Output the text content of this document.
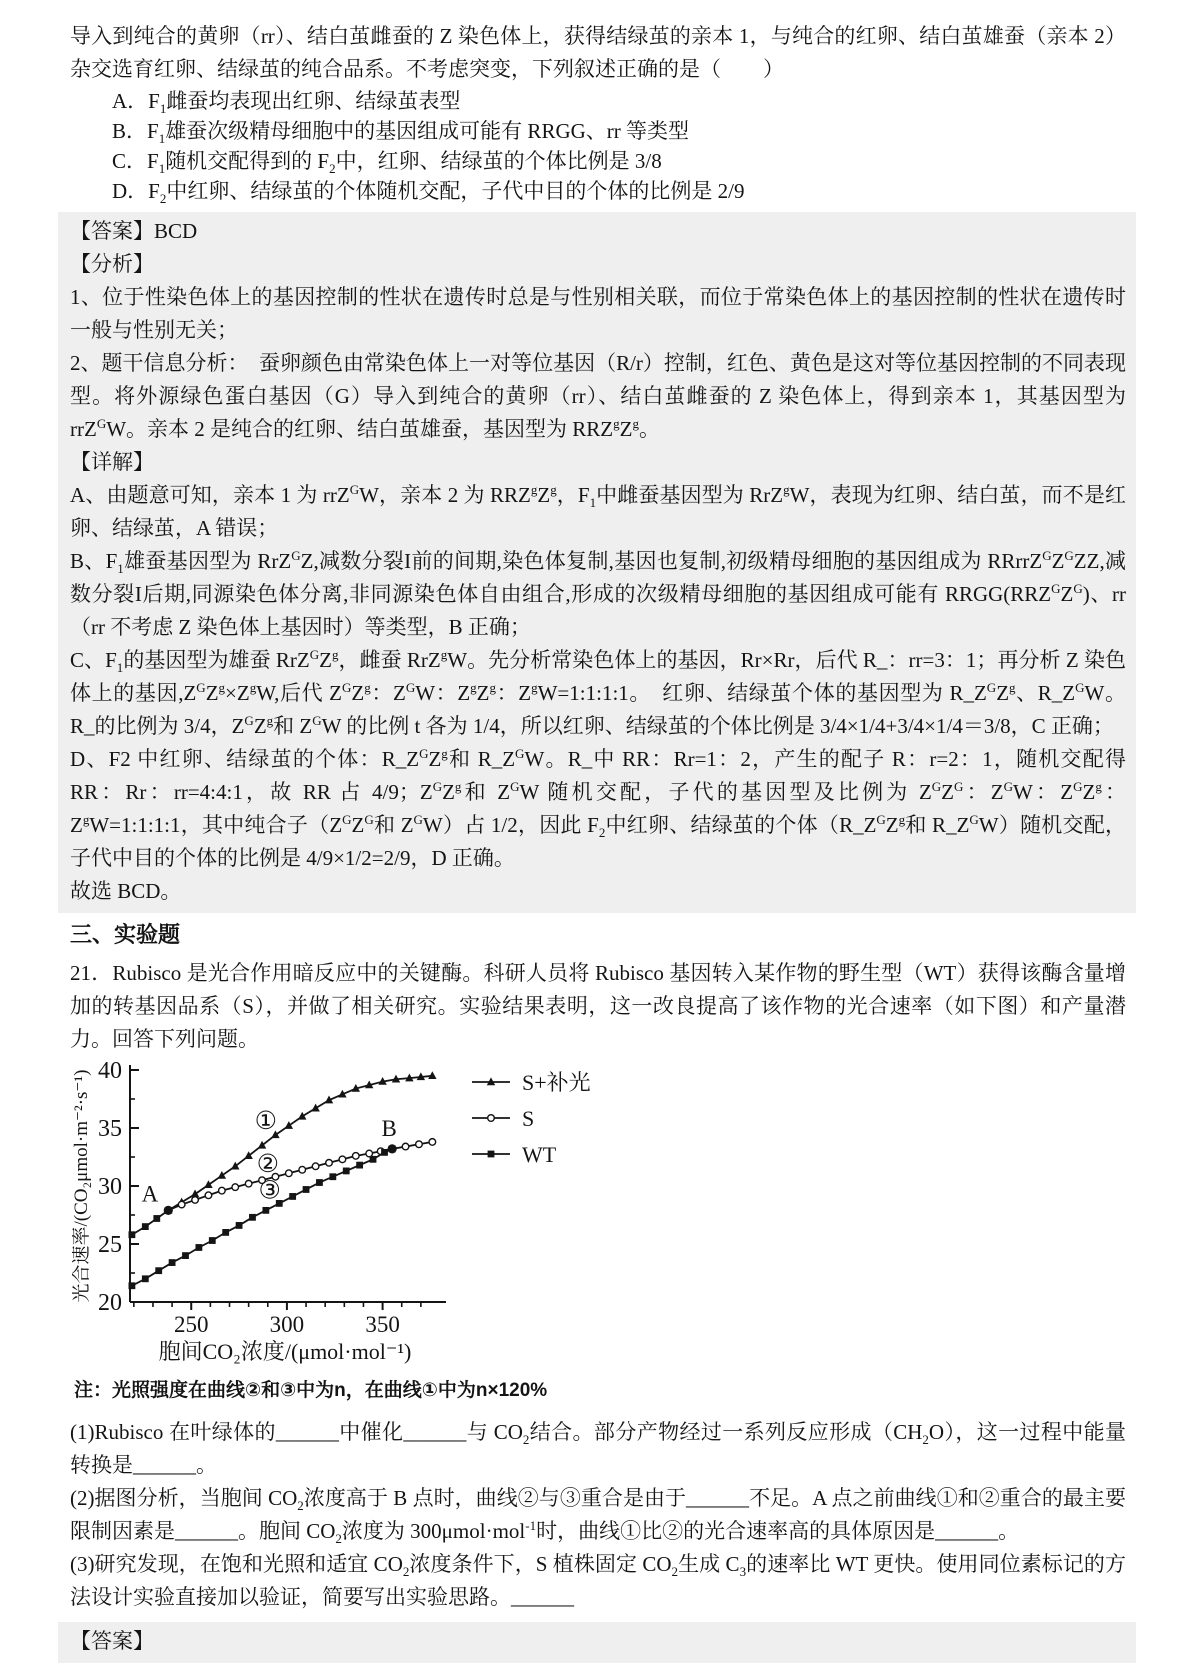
导入到纯合的黄卵（rr）、结白茧雌蚕的 Z 染色体上，获得结绿茧的亲本 1，与纯合的红卵、结白茧雄蚕（亲本 2）杂交选育红卵、结绿茧的纯合品系。不考虑突变，下列叙述正确的是（　　）

A．$F_1$雌蚕均表现出红卵、结绿茧表型

B．$F_1$雄蚕次级精母细胞中的基因组成可能有 RRGG、rr 等类型

C．$F_1$随机交配得到的 $F_2$中，红卵、结绿茧的个体比例是 3/8

D．$F_2$中红卵、结绿茧的个体随机交配，子代中目的个体的比例是 2/9

【答案】BCD

【分析】

1、位于性染色体上的基因控制的性状在遗传时总是与性别相关联，而位于常染色体上的基因控制的性状在遗传时一般与性别无关；

2、题干信息分析：　蚕卵颜色由常染色体上一对等位基因（R/r）控制，红色、黄色是这对等位基因控制的不同表现型。将外源绿色蛋白基因（G）导入到纯合的黄卵（rr）、结白茧雌蚕的 Z 染色体上，得到亲本 1，其基因型为 rrZ$^G$W。亲本 2 是纯合的红卵、结白茧雄蚕，基因型为 $RRZ^gZ^g$。

【详解】

A、由题意可知，亲本 1 为 rrZ$^G$W，亲本 2 为 $RRZ^gZ^g$，$F_1$中雌蚕基因型为 RrZ$^g$W，表现为红卵、结白茧，而不是红卵、结绿茧，A 错误；

B、$F_1$雄蚕基因型为 RrZ$^G$Z,减数分裂I前的间期,染色体复制,基因也复制,初级精母细胞的基因组成为 $RRrrZ^GZ^GZZ$,减数分裂I后期,同源染色体分离,非同源染色体自由组合,形成的次级精母细胞的基因组成可能有 $RRGG(RRZ^GZ^G)$、rr（rr 不考虑 Z 染色体上基因时）等类型，B 正确；

C、$F_1$的基因型为雄蚕 $RrZ^GZ^g$，雌蚕 RrZ$^g$W。先分析常染色体上的基因，Rr×Rr，后代 R_：rr=3：1；再分析 Z 染色体上的基因$,Z^GZ^g\times Z^gW$,后代 $Z^GZ^g$：$Z^GW$：$Z^gZ^g$：$Z^gW=1:1:1:1$。　红卵、结绿茧个体的基因型为 $R\_Z^GZ^g$、$R\_Z^GW$。R_的比例为 3/4，$Z^GZ^g$和 $Z^GW$ 的比例 t 各为 1/4，所以红卵、结绿茧的个体比例是 3/4×1/4+3/4×1/4＝3/8，C 正确；

D、F2 中红卵、结绿茧的个体：$R\_Z^GZ^g$和 $R\_Z^GW$。R_中 RR：Rr=1：2，产生的配子 R：r=2：1，随机交配得 RR：Rr：rr=4:4:1，故 RR 占 4/9；$Z^GZ^g$和 $Z^GW$ 随机交配，子代的基因型及比例为 $Z^GZ^G$：$Z^GW$：$Z^GZ^g$：$Z^gW=1:1:1:1$，其中纯合子（$Z^GZ^G$和 $Z^GW$）占 1/2，因此 $F_2$中红卵、结绿茧的个体（$R\_Z^GZ^g$和 $R\_Z^GW$）随机交配，子代中目的个体的比例是 4/9×1/2=2/9，D 正确。

故选 BCD。

三、实验题

21．Rubisco 是光合作用暗反应中的关键酶。科研人员将 Rubisco 基因转入某作物的野生型（WT）获得该酶含量增加的转基因品系（S），并做了相关研究。实验结果表明，这一改良提高了该作物的光合速率（如下图）和产量潜力。回答下列问题。

250	300	350
20
25
30
35
40
胞间CO₂浓度/(μmol·mol⁻¹)
光合速率/(CO₂μmol·m⁻²·s⁻¹) A
B
①
②
③
S+补光
S
WT

注：光照强度在曲线②和③中为n，在曲线①中为n×120%

(1)Rubisco 在叶绿体的______中催化______与 $CO_2$结合。部分产物经过一系列反应形成$(CH_2O)$，这一过程中能量转换是______。

(2)据图分析，当胞间 $CO_2$浓度高于 B 点时，曲线②与③重合是由于______不足。A 点之前曲线①和②重合的最主要限制因素是______。胞间 $CO_2$浓度为 300μmol·mol$^{-1}$时，曲线①比②的光合速率高的具体原因是______。

(3)研究发现，在饱和光照和适宜 $CO_2$浓度条件下，S 植株固定 $CO_2$生成 $C_3$的速率比 WT 更快。使用同位素标记的方法设计实验直接加以验证，简要写出实验思路。______

【答案】
